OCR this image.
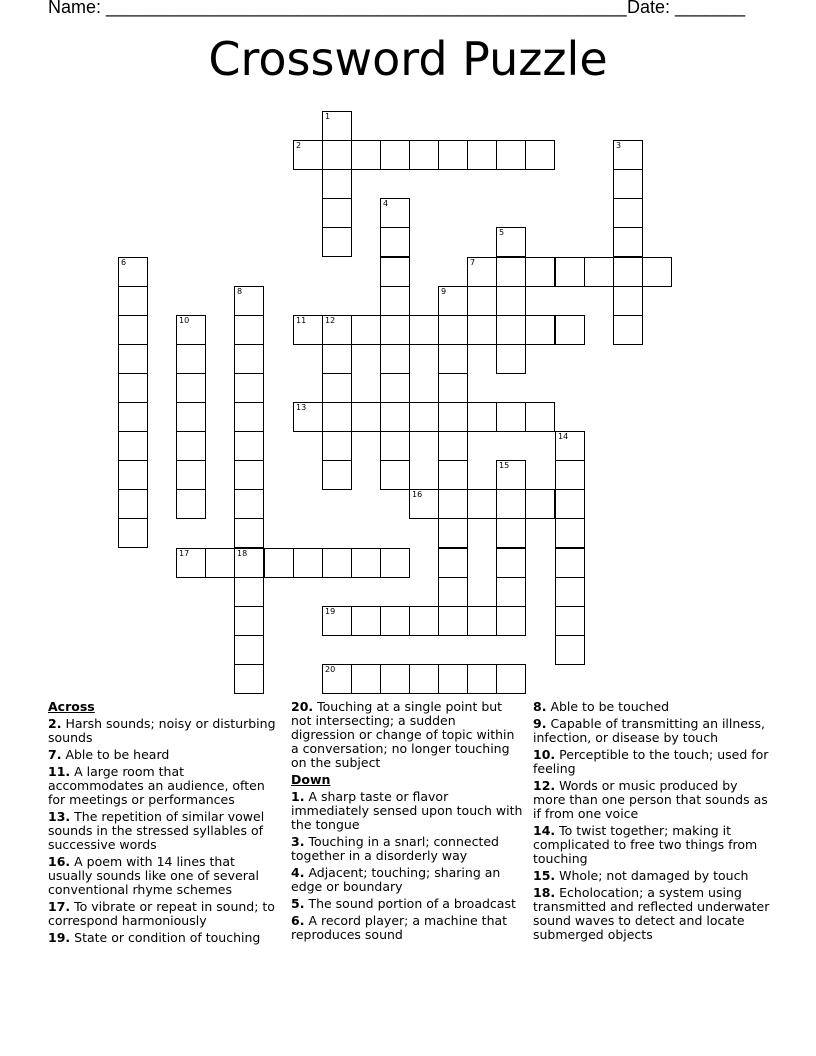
Name: ____________________________________________________ Date: _______
Crossword Puzzle
2
7
11 12
13
16
17	18
19
20
1
3
4
5
6
8	9
10
14
15
Across
2. Harsh sounds; noisy or disturbing sounds
7. Able to be heard
11. A large room that accommodates an audience, often for meetings or performances
13. The repetition of similar vowel sounds in the stressed syllables of successive words
16. A poem with 14 lines that usually sounds like one of several conventional rhyme schemes
17. To vibrate or repeat in sound; to correspond harmoniously
19. State or condition of touching
20. Touching at a single point but not intersecting; a sudden digression or change of topic within a conversation; no longer touching on the subject
Down
1. A sharp taste or flavor immediately sensed upon touch with the tongue
3. Touching in a snarl; connected together in a disorderly way
4. Adjacent; touching; sharing an edge or boundary
5. The sound portion of a broadcast
6. A record player; a machine that reproduces sound
8. Able to be touched
9. Capable of transmitting an illness, infection, or disease by touch
10. Perceptible to the touch; used for feeling
12. Words or music produced by more than one person that sounds as if from one voice
14. To twist together; making it complicated to free two things from touching
15. Whole; not damaged by touch
18. Echolocation; a system using transmitted and reflected underwater sound waves to detect and locate submerged objects
